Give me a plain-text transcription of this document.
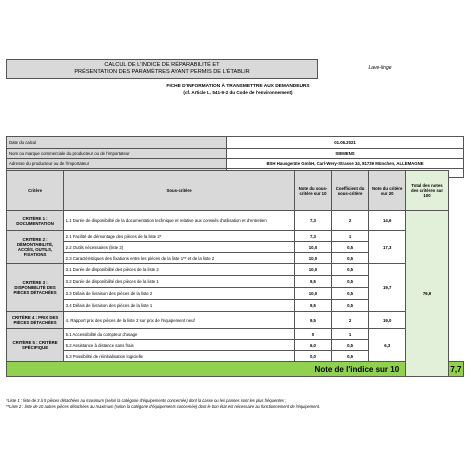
CALCUL DE L'INDICE DE RÉPARABILITÉ ET
PRÉSENTATION DES PARAMÈTRES AYANT PERMIS DE L'ÉTABLIR
Lave-linge
FICHE D'INFORMATION À TRANSMETTRE AUX DEMANDEURS
(cf. Article L. 541-9-2 du Code de l'environnement)
Date du calcul	01.06.2021
Nom ou marque commerciale du producteur ou de l'importateur	SIEMENS
Adresse du producteur ou de l'importateur	BSH Hausgeräte GmbH, Carl-Wery-Strasse 34, 81739 München, ALLEMAGNE

Critère	Sous-critère	Note du sous-critère sur 10	Coefficient du sous-critère	Note du critère sur 20	Total des notes des critères sur 100	

CRITÈRE 1 :
DOCUMENTATION	1.1 Durée de disponibilité de la documentation technique et relative aux conseils d'utilisation et d'entretien	7,3	2	14,6	76,9	

CRITÈRE 2 :
DÉMONTABILITÉ,
ACCÈS, OUTILS,
FIXATIONS	2.1 Facilité de démontage des pièces de la liste 2*	7,3	1	17,3		
	2.2 Outils nécessaires (liste 2)	10,0	0,5			
	2.3 Caractéristiques des fixations entre les pièces de la liste 1** et de la liste 2	10,0	0,5			

CRITÈRE 3 :
DISPONIBILITÉ DES
PIÈCES DÉTACHÉES	3.1 Durée de disponibilité des pièces de la liste 2	10,0	0,5	19,7		
	3.2 Durée de disponibilité des pièces de la liste 1	9,5	0,5			
	3.3 Délais de livraison des pièces de la liste 2	10,0	0,5			
	3.4 Délais de livraison des pièces de la liste 1	9,5	0,5			

CRITÈRE 4 : PRIX DES
PIÈCES DÉTACHÉES	4. Rapport prix des pièces de la liste 2 sur prix de l'équipement neuf	9,5	2	19,0		

CRITÈRE 5 : CRITÈRE
SPÉCIFIQUE	5.1 Accessibilité du compteur d'usage	0	1	6,3		
	5.2 Assistance à distance sans frais	6,0	0,5			
	5.3 Possibilité de réinitialisation logicielle	0,0	0,5			
Note de l'indice sur 10						7,7
*Liste 1 : liste de 3 à 5 pièces détachées au maximum (selon la catégorie d'équipements concernée) dont la casse ou les pannes sont les plus fréquentes ;
**Liste 2 : liste de 10 autres pièces détachées au maximum (selon la catégorie d'équipements concernée) dont le bon état est nécessaire au fonctionnement de l'équipement.
